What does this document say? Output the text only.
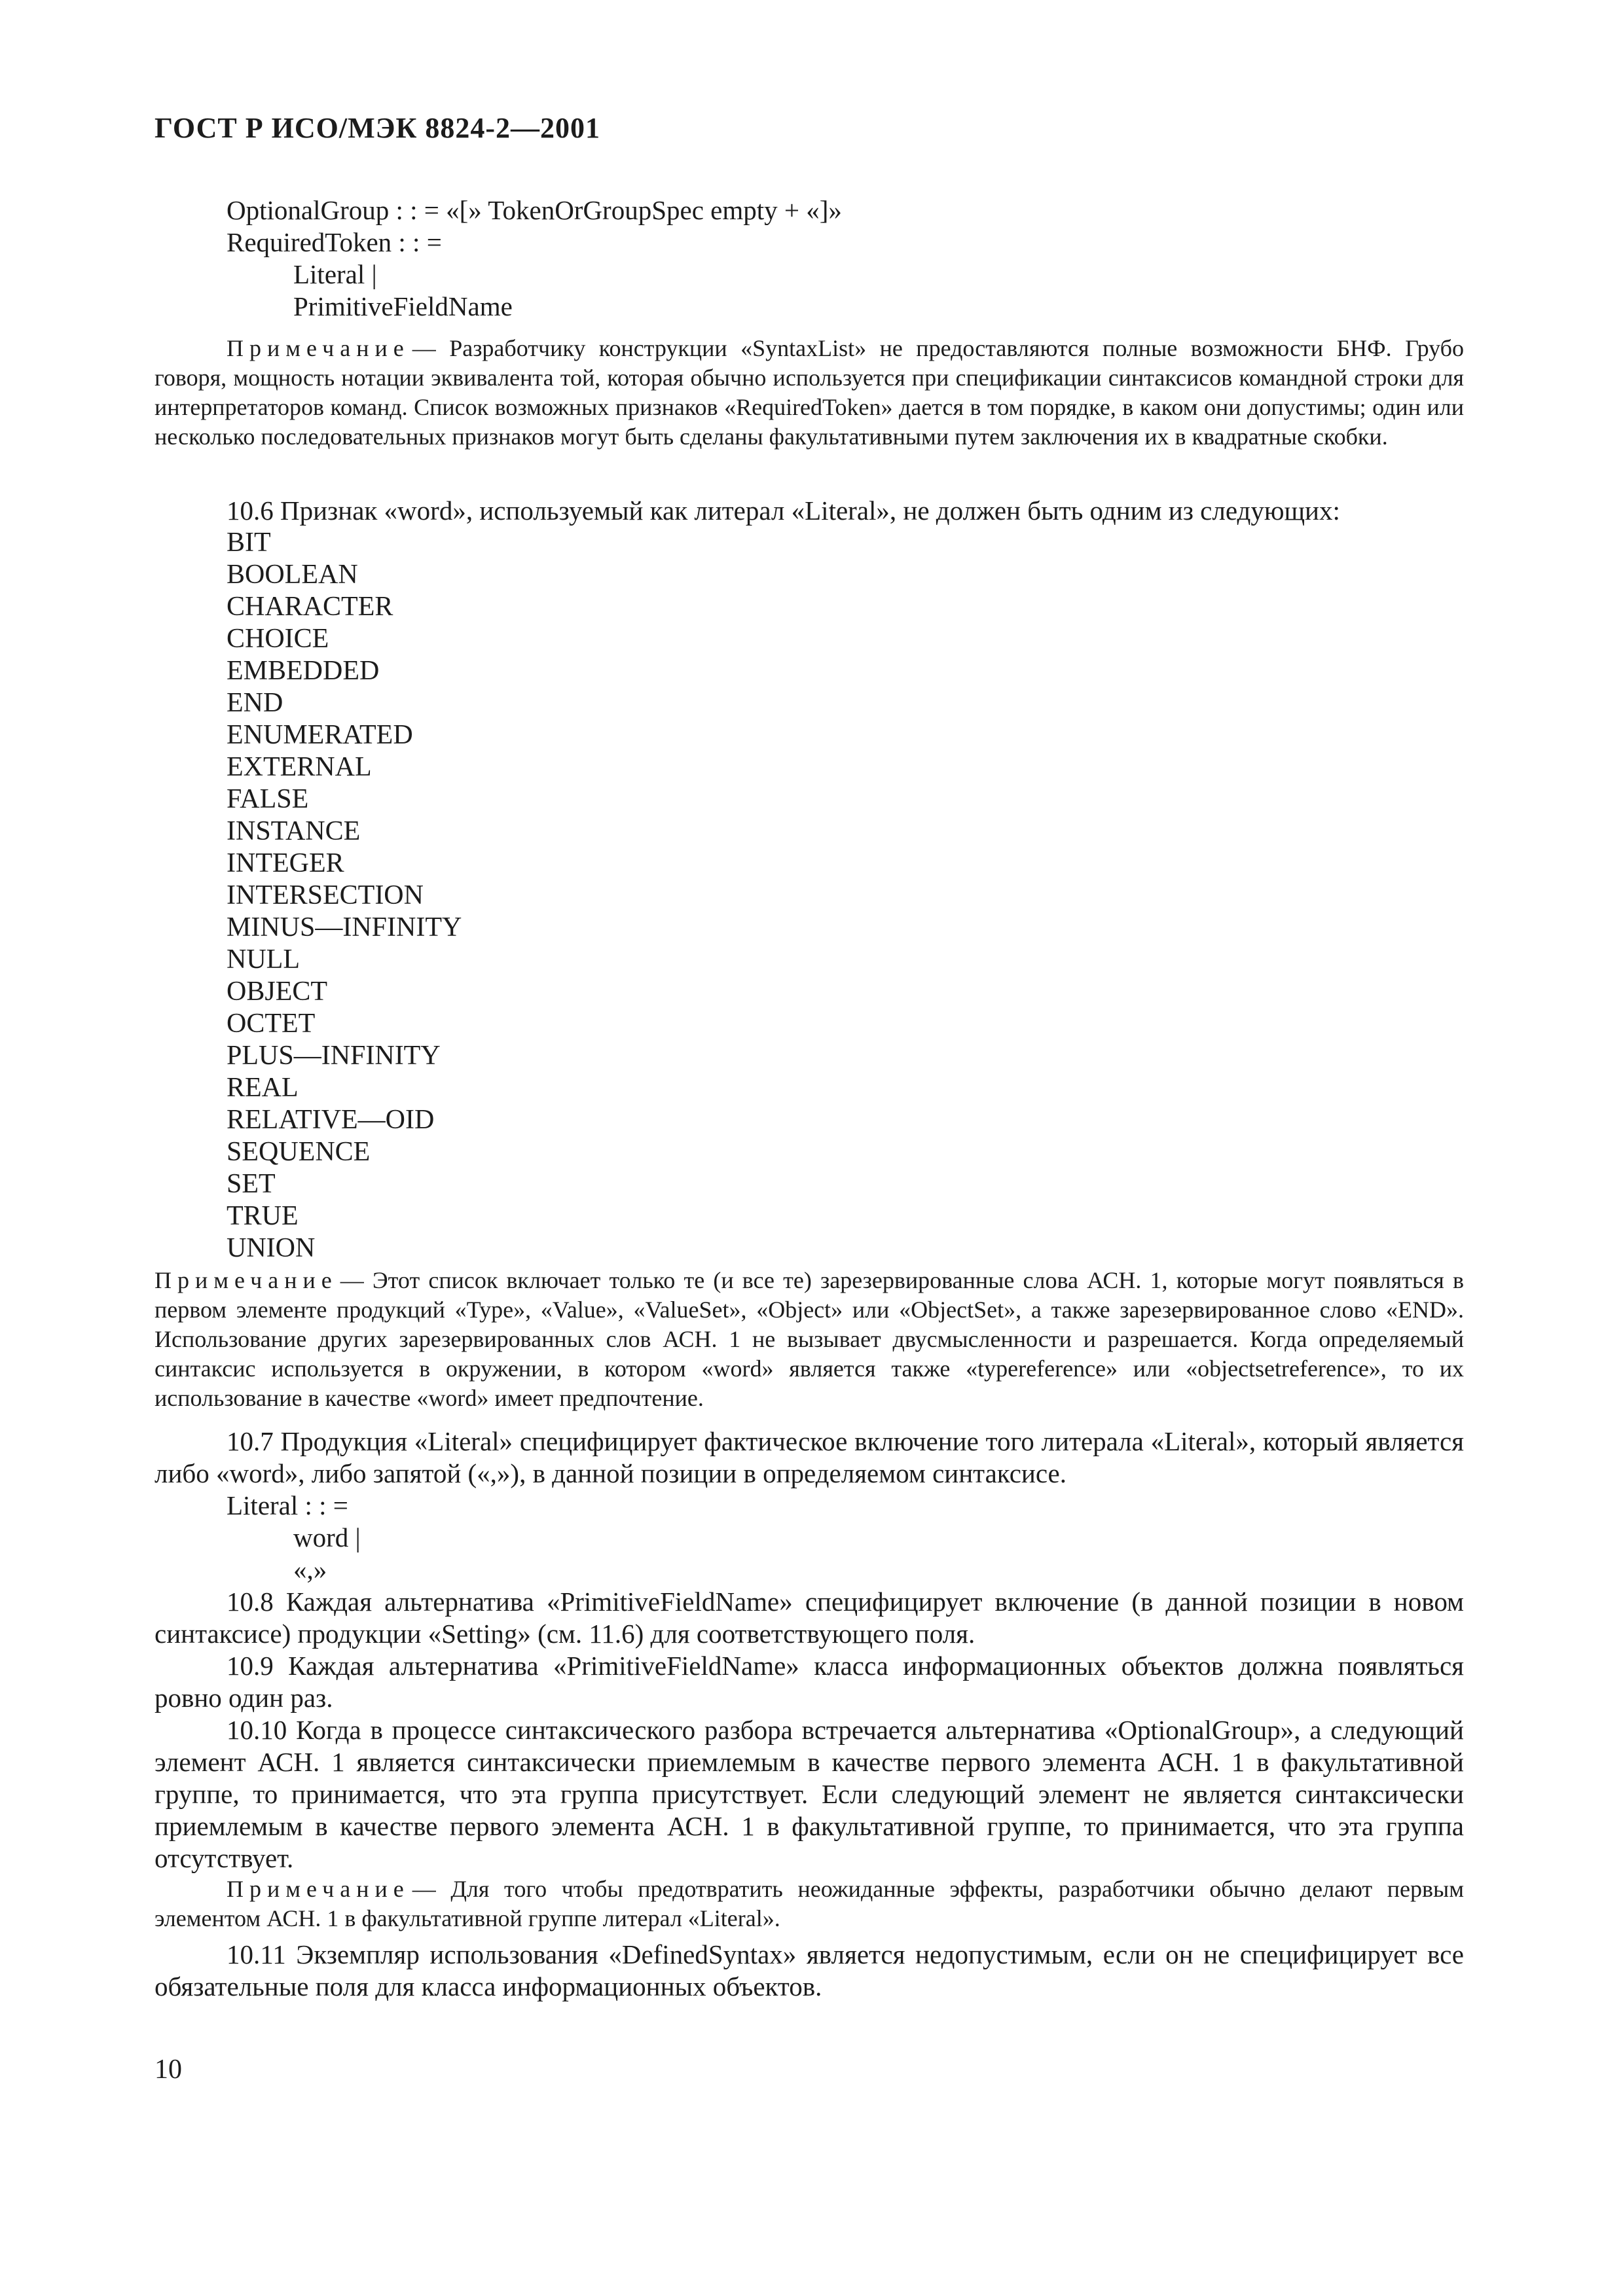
ГОСТ Р ИСО/МЭК 8824-2—2001

OptionalGroup : : = «[» TokenOrGroupSpec empty + «]»

RequiredToken : : =

Literal |

PrimitiveFieldName

Примечание — Разработчику конструкции «SyntaxList» не предоставляются полные возможности БНФ. Грубо говоря, мощность нотации эквивалента той, которая обычно используется при спецификации синтаксисов командной строки для интерпретаторов команд. Список возможных признаков «RequiredToken» дается в том порядке, в каком они допустимы; один или несколько последовательных признаков могут быть сделаны факультативными путем заключения их в квадратные скобки.
10.6 Признак «word», используемый как литерал «Literal», не должен быть одним из следующих:
BIT
BOOLEAN
CHARACTER
CHOICE
EMBEDDED
END
ENUMERATED
EXTERNAL
FALSE
INSTANCE
INTEGER
INTERSECTION
MINUS—INFINITY
NULL
OBJECT
OCTET
PLUS—INFINITY
REAL
RELATIVE—OID
SEQUENCE
SET
TRUE
UNION
Примечание — Этот список включает только те (и все те) зарезервированные слова АСН. 1, которые могут появляться в первом элементе продукций «Type», «Value», «ValueSet», «Object» или «ObjectSet», а также зарезервированное слово «END». Использование других зарезервированных слов АСН. 1 не вызывает двусмысленности и разрешается. Когда определяемый синтаксис используется в окружении, в котором «word» является также «typereference» или «objectsetreference», то их использование в качестве «word» имеет предпочтение.
10.7 Продукция «Literal» специфицирует фактическое включение того литерала «Literal», который является либо «word», либо запятой («,»), в данной позиции в определяемом синтаксисе.

Literal : : =

word |

«,»

10.8 Каждая альтернатива «PrimitiveFieldName» специфицирует включение (в данной позиции в новом синтаксисе) продукции «Setting» (см. 11.6) для соответствующего поля.
10.9 Каждая альтернатива «PrimitiveFieldName» класса информационных объектов должна появляться ровно один раз.
10.10 Когда в процессе синтаксического разбора встречается альтернатива «OptionalGroup», а следующий элемент АСН. 1 является синтаксически приемлемым в качестве первого элемента АСН. 1 в факультативной группе, то принимается, что эта группа присутствует. Если следующий элемент не является синтаксически приемлемым в качестве первого элемента АСН. 1 в факультативной группе, то принимается, что эта группа отсутствует.
Примечание — Для того чтобы предотвратить неожиданные эффекты, разработчики обычно делают первым элементом АСН. 1 в факультативной группе литерал «Literal».
10.11 Экземпляр использования «DefinedSyntax» является недопустимым, если он не специфицирует все обязательные поля для класса информационных объектов.
10
